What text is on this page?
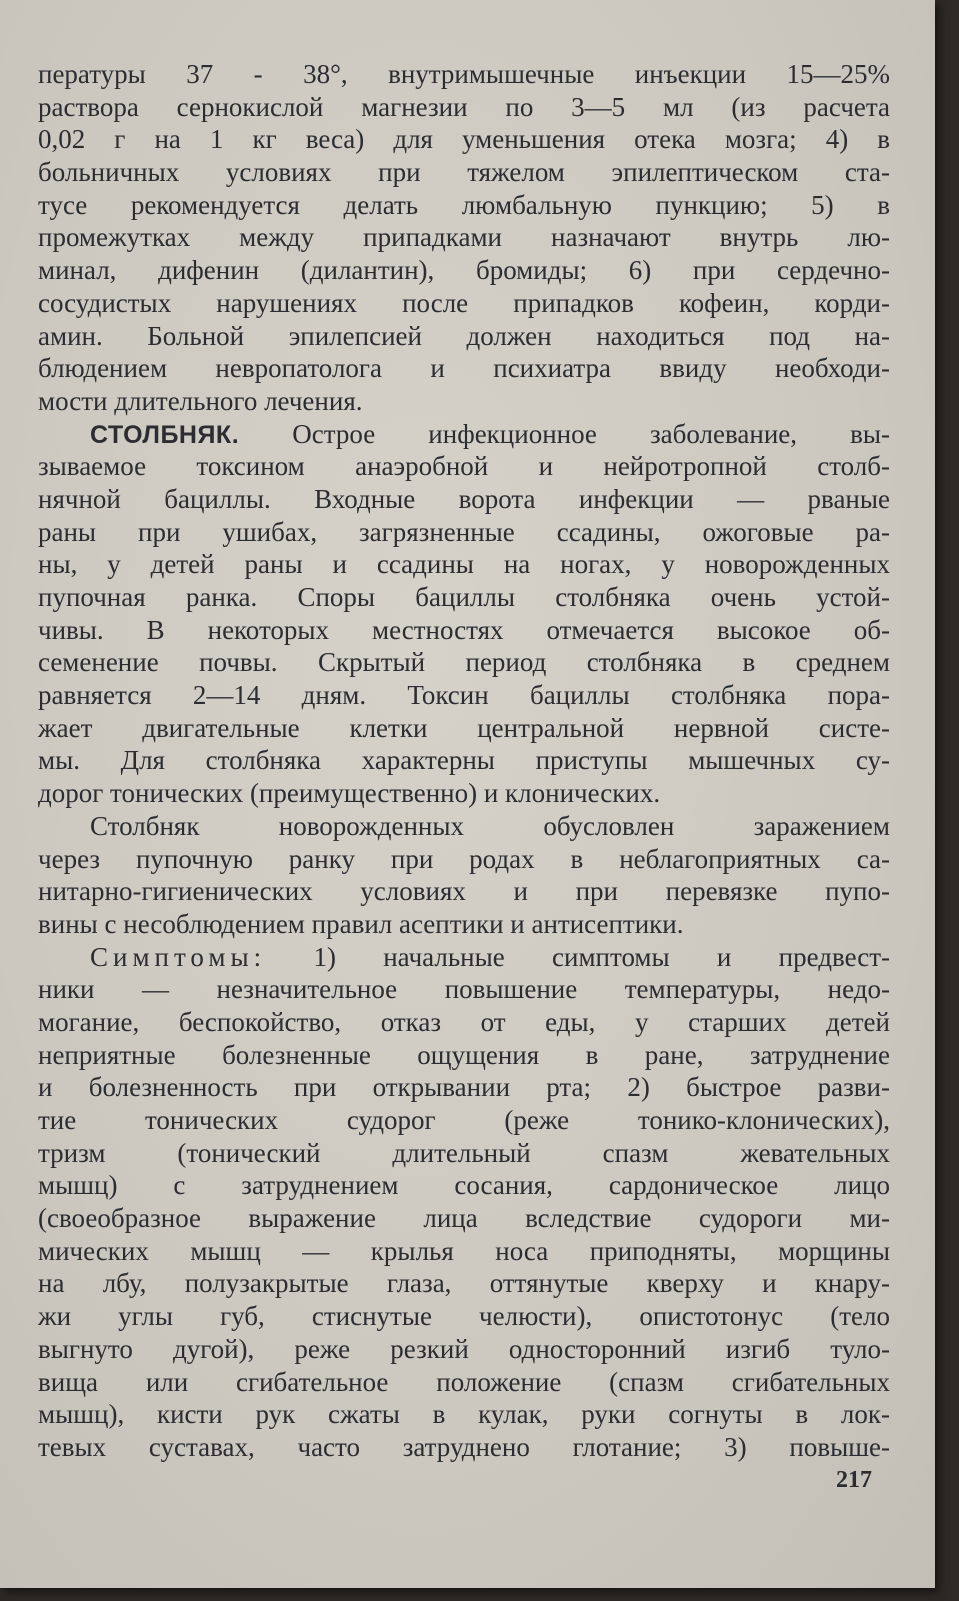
пературы 37 - 38°, внутримышечные инъекции 15—25%
раствора сернокислой магнезии по 3—5 мл (из расчета
0,02 г на 1 кг веса) для уменьшения отека мозга; 4) в
больничных условиях при тяжелом эпилептическом ста-
тусе рекомендуется делать люмбальную пункцию; 5) в
промежутках между припадками назначают внутрь лю-
минал, дифенин (дилантин), бромиды; 6) при сердечно-
сосудистых нарушениях после припадков кофеин, корди-
амин. Больной эпилепсией должен находиться под на-
блюдением невропатолога и психиатра ввиду необходи-
мости длительного лечения.
СТОЛБНЯК. Острое инфекционное заболевание, вы-
зываемое токсином анаэробной и нейротропной столб-
нячной бациллы. Входные ворота инфекции — рваные
раны при ушибах, загрязненные ссадины, ожоговые ра-
ны, у детей раны и ссадины на ногах, у новорожденных
пупочная ранка. Споры бациллы столбняка очень устой-
чивы. В некоторых местностях отмечается высокое об-
семенение почвы. Скрытый период столбняка в среднем
равняется 2—14 дням. Токсин бациллы столбняка пора-
жает двигательные клетки центральной нервной систе-
мы. Для столбняка характерны приступы мышечных су-
дорог тонических (преимущественно) и клонических.
Столбняк новорожденных обусловлен заражением
через пупочную ранку при родах в неблагоприятных са-
нитарно-гигиенических условиях и при перевязке пупо-
вины с несоблюдением правил асептики и антисептики.
Симптомы: 1) начальные симптомы и предвест-
ники — незначительное повышение температуры, недо-
могание, беспокойство, отказ от еды, у старших детей
неприятные болезненные ощущения в ране, затруднение
и болезненность при открывании рта; 2) быстрое разви-
тие тонических судорог (реже тонико-клонических),
тризм (тонический длительный спазм жевательных
мышц) с затруднением сосания, сардоническое лицо
(своеобразное выражение лица вследствие судороги ми-
мических мышц — крылья носа приподняты, морщины
на лбу, полузакрытые глаза, оттянутые кверху и кнару-
жи углы губ, стиснутые челюсти), опистотонус (тело
выгнуто дугой), реже резкий односторонний изгиб туло-
вища или сгибательное положение (спазм сгибательных
мышц), кисти рук сжаты в кулак, руки согнуты в лок-
тевых суставах, часто затруднено глотание; 3) повыше-
217
